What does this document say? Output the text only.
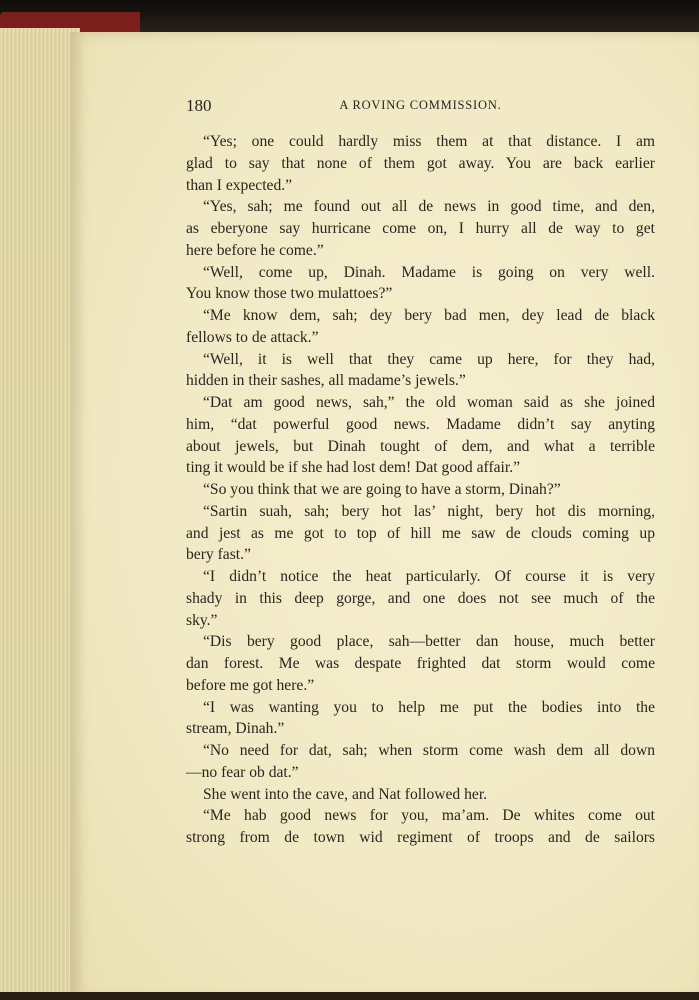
180	A ROVING COMMISSION.
“Yes; one could hardly miss them at that distance. I am
glad to say that none of them got away. You are back earlier
than I expected.”
“Yes, sah; me found out all de news in good time, and den,
as eberyone say hurricane come on, I hurry all de way to get
here before he come.”
“Well, come up, Dinah. Madame is going on very well.
You know those two mulattoes?”
“Me know dem, sah; dey bery bad men, dey lead de black
fellows to de attack.”
“Well, it is well that they came up here, for they had,
hidden in their sashes, all madame’s jewels.”
“Dat am good news, sah,” the old woman said as she joined
him, “dat powerful good news. Madame didn’t say anyting
about jewels, but Dinah tought of dem, and what a terrible
ting it would be if she had lost dem! Dat good affair.”
“So you think that we are going to have a storm, Dinah?”
“Sartin suah, sah; bery hot las’ night, bery hot dis morning,
and jest as me got to top of hill me saw de clouds coming up
bery fast.”
“I didn’t notice the heat particularly. Of course it is very
shady in this deep gorge, and one does not see much of the
sky.”
“Dis bery good place, sah—better dan house, much better
dan forest. Me was despate frighted dat storm would come
before me got here.”
“I was wanting you to help me put the bodies into the
stream, Dinah.”
“No need for dat, sah; when storm come wash dem all down
—no fear ob dat.”
She went into the cave, and Nat followed her.
“Me hab good news for you, ma’am. De whites come out
strong from de town wid regiment of troops and de sailors
